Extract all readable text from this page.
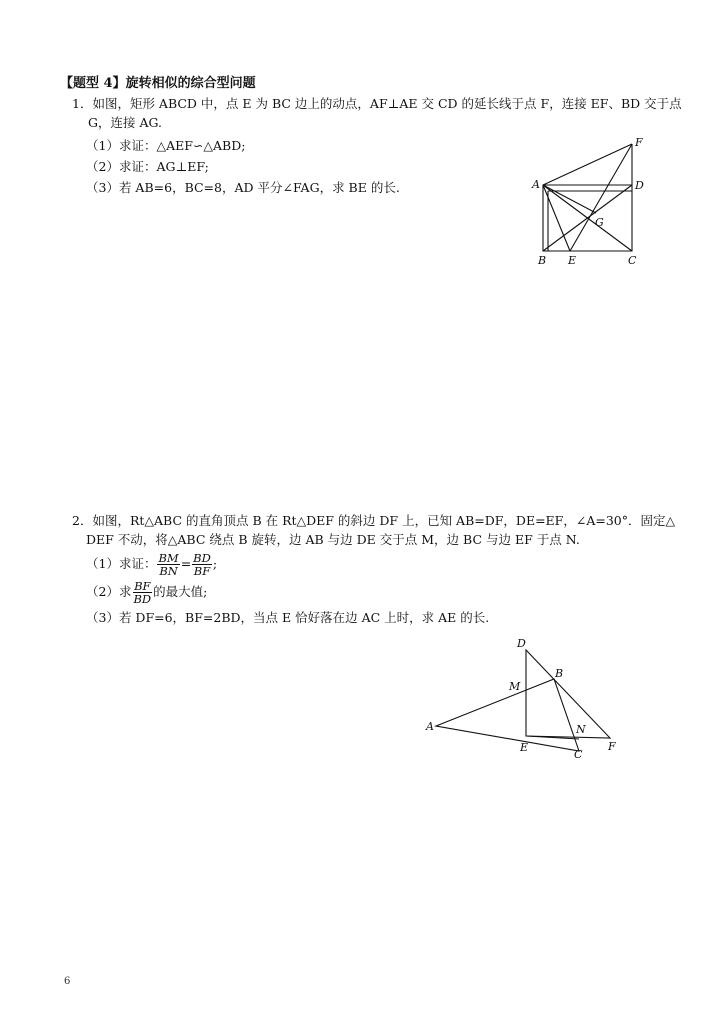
【题型 4】旋转相似的综合型问题
1．如图，矩形 ABCD 中，点 E 为 BC 边上的动点，AF⊥AE 交 CD 的延长线于点 F，连接 EF、BD 交于点
G，连接 AG.
（1）求证：△AEF∽△ABD;
（2）求证：AG⊥EF;
（3）若 AB=6，BC=8，AD 平分∠FAG，求 BE 的长.
F
A	D
G
B E	C
2．如图，Rt△ABC 的直角顶点 B 在 Rt△DEF 的斜边 DF 上，已知 AB=DF，DE=EF，∠A=30°．固定△
DEF 不动，将△ABC 绕点 B 旋转，边 AB 与边 DE 交于点 M，边 BC 与边 EF 于点 N.
（1）求证： $\frac{BM}{BN} = \frac{BD}{BF}$ ;
（2）求 $\frac{BF}{BD}$ 的最大值;
（3）若 DF=6，BF=2BD，当点 E 恰好落在边 AC 上时，求 AE 的长.
D
B
M
A	N
E	F
C
6
